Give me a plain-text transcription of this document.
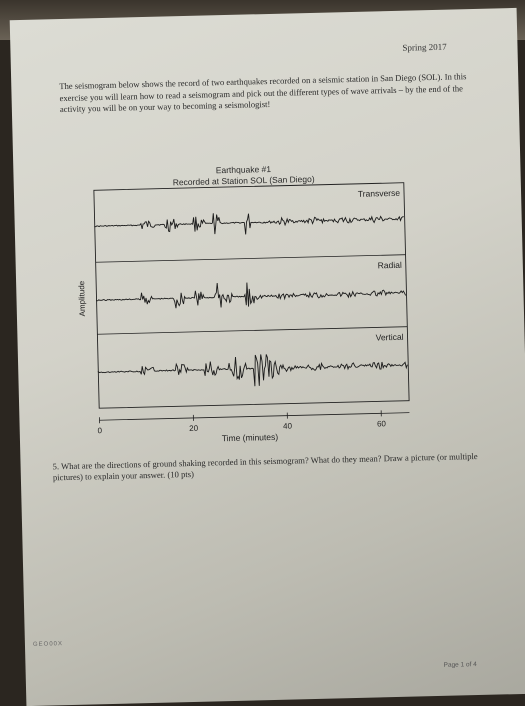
Spring 2017
The seismogram below shows the record of two earthquakes recorded on a seismic station in San Diego (SOL). In this exercise you will learn how to read a seismogram and pick out the different types of wave arrivals – by the end of the activity you will be on your way to becoming a seismologist!
Earthquake #1
Recorded at Station SOL (San Diego)
Transverse
Radial
Vertical
Amplitude
0	20	40	60
Time (minutes)
5. What are the directions of ground shaking recorded in this seismogram? What do they mean? Draw a picture (or multiple pictures) to explain your answer. (10 pts)
GEO00X
Page 1 of 4
